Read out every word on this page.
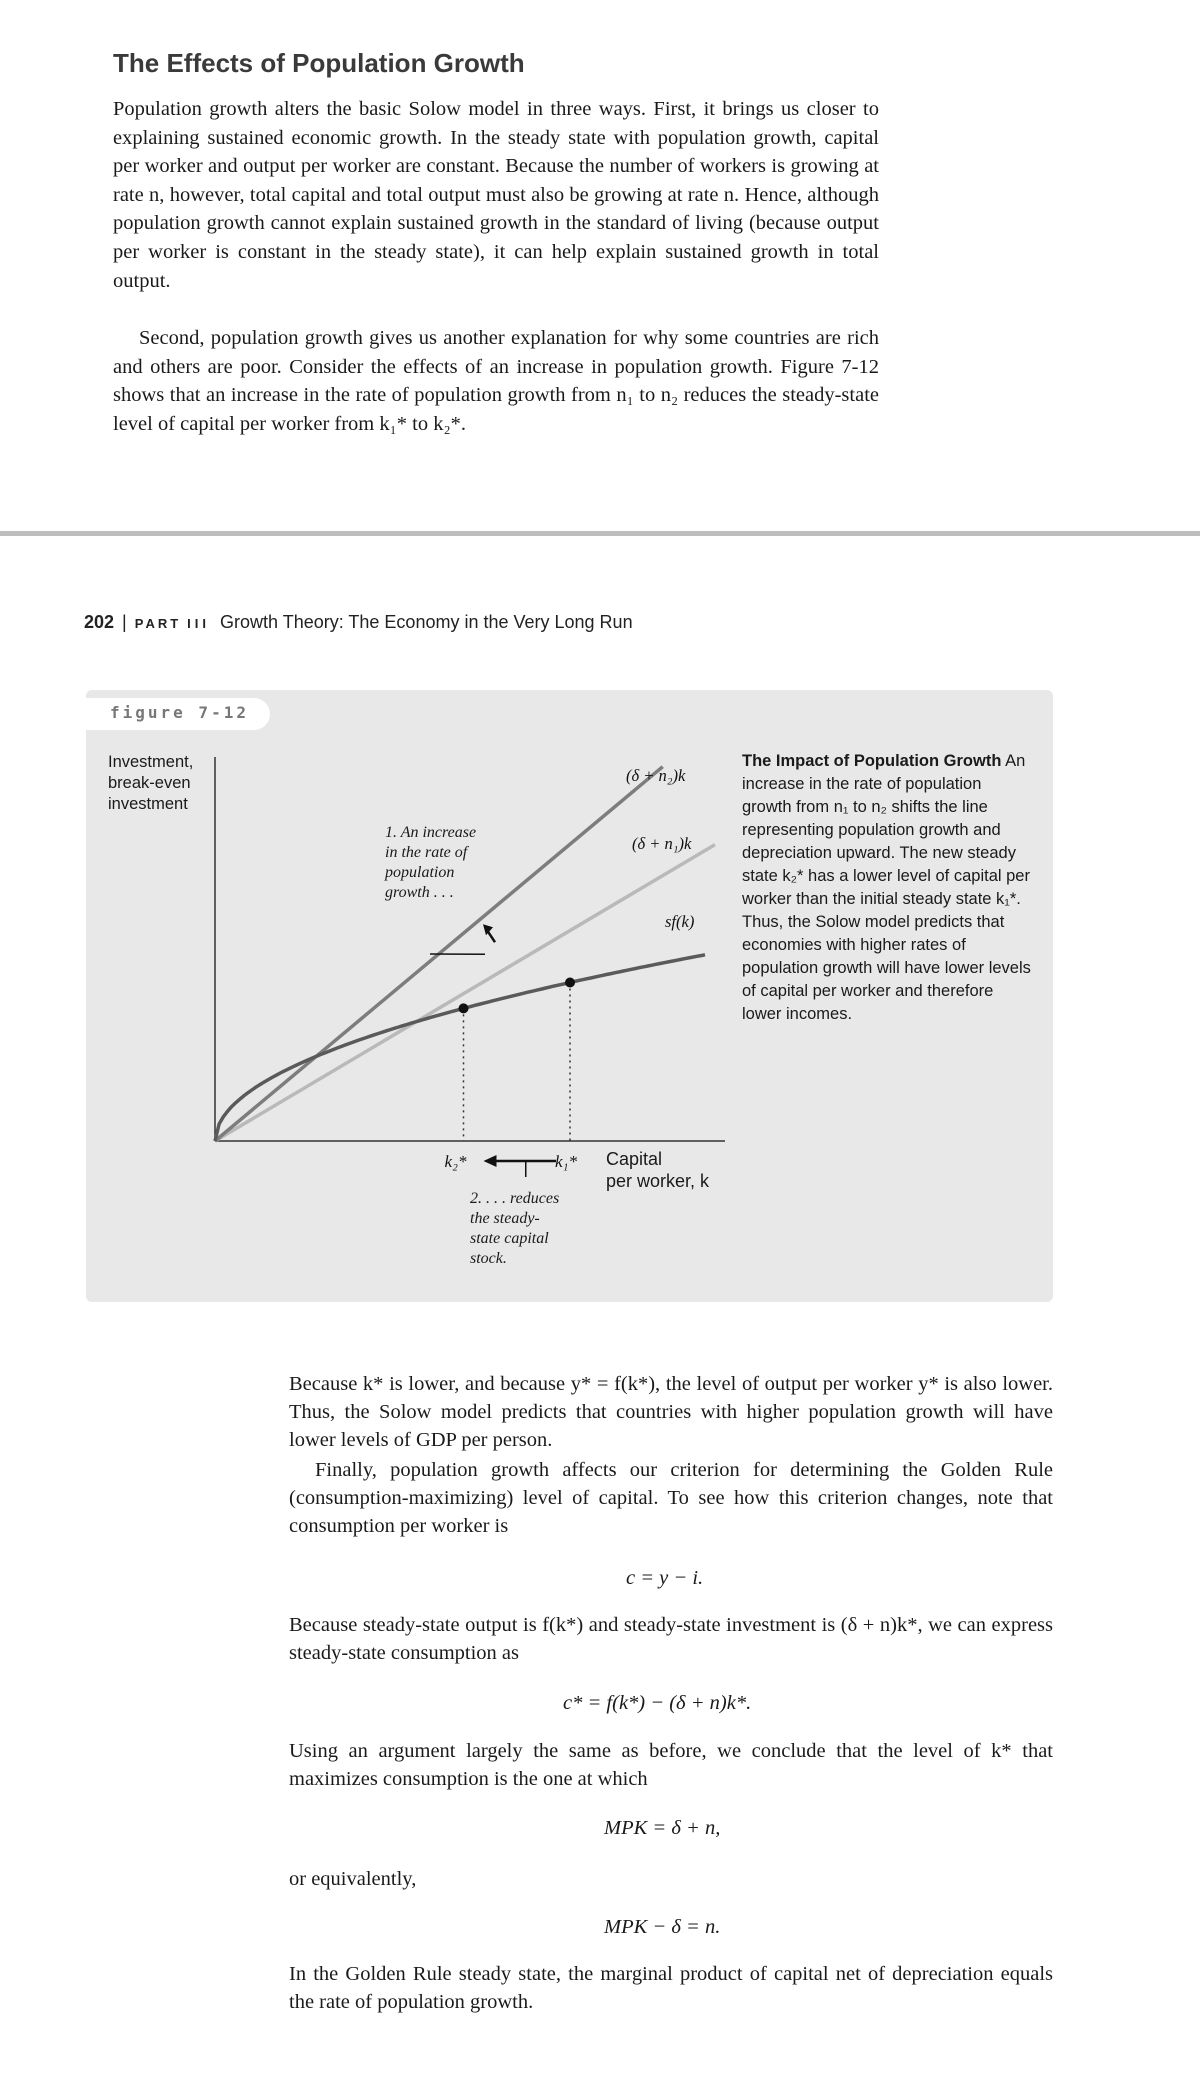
The Effects of Population Growth
Population growth alters the basic Solow model in three ways. First, it brings us closer to explaining sustained economic growth. In the steady state with population growth, capital per worker and output per worker are constant. Because the number of workers is growing at rate n, however, total capital and total output must also be growing at rate n. Hence, although population growth cannot explain sustained growth in the standard of living (because output per worker is constant in the steady state), it can help explain sustained growth in total output.
Second, population growth gives us another explanation for why some countries are rich and others are poor. Consider the effects of an increase in population growth. Figure 7-12 shows that an increase in the rate of population growth from n₁ to n₂ reduces the steady-state level of capital per worker from k₁* to k₂*.
202 | PART III Growth Theory: The Economy in the Very Long Run
figure 7-12
Investment,
break-even
investment
k₂*	k₁*
(δ + n₂)k
(δ + n₁)k
sf(k)
1. An increase
in the rate of
population
growth . . .
2. . . . reduces
the steady-
state capital
stock.
Capital
per worker, k
The Impact of Population Growth An increase in the rate of population growth from n₁ to n₂ shifts the line representing population growth and depreciation upward. The new steady state k₂* has a lower level of capital per worker than the initial steady state k₁*. Thus, the Solow model predicts that economies with higher rates of population growth will have lower levels of capital per worker and therefore lower incomes.
Because k* is lower, and because y* = f(k*), the level of output per worker y* is also lower. Thus, the Solow model predicts that countries with higher population growth will have lower levels of GDP per person.
Finally, population growth affects our criterion for determining the Golden Rule (consumption-maximizing) level of capital. To see how this criterion changes, note that consumption per worker is
c = y − i.
Because steady-state output is f(k*) and steady-state investment is (δ + n)k*, we can express steady-state consumption as
c* = f(k*) − (δ + n)k*.
Using an argument largely the same as before, we conclude that the level of k* that maximizes consumption is the one at which
MPK = δ + n,
or equivalently,
MPK − δ = n.
In the Golden Rule steady state, the marginal product of capital net of depreciation equals the rate of population growth.
